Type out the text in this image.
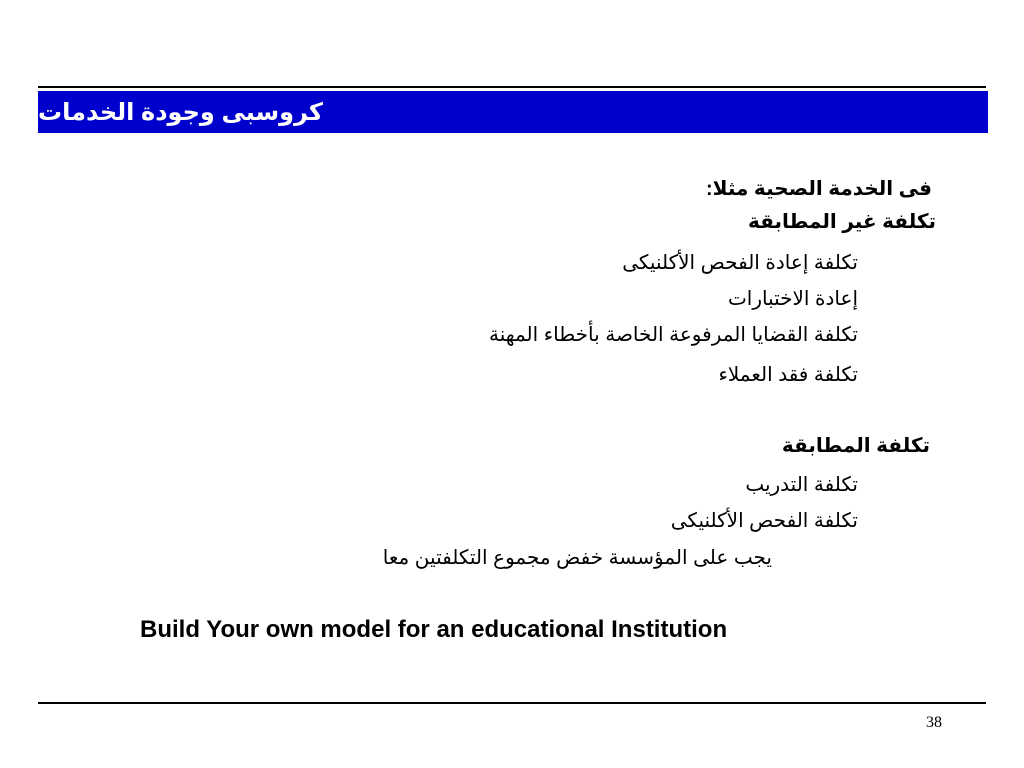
كروسبى وجودة الخدمات
فى الخدمة الصحية مثلا:
تكلفة غير المطابقة
تكلفة إعادة الفحص الأكلنيكى
إعادة الاختبارات
تكلفة القضايا المرفوعة الخاصة بأخطاء المهنة
تكلفة فقد العملاء
تكلفة المطابقة
تكلفة التدريب
تكلفة الفحص الأكلنيكى
يجب على المؤسسة خفض مجموع التكلفتين معا
Build Your own model for an educational Institution
38
